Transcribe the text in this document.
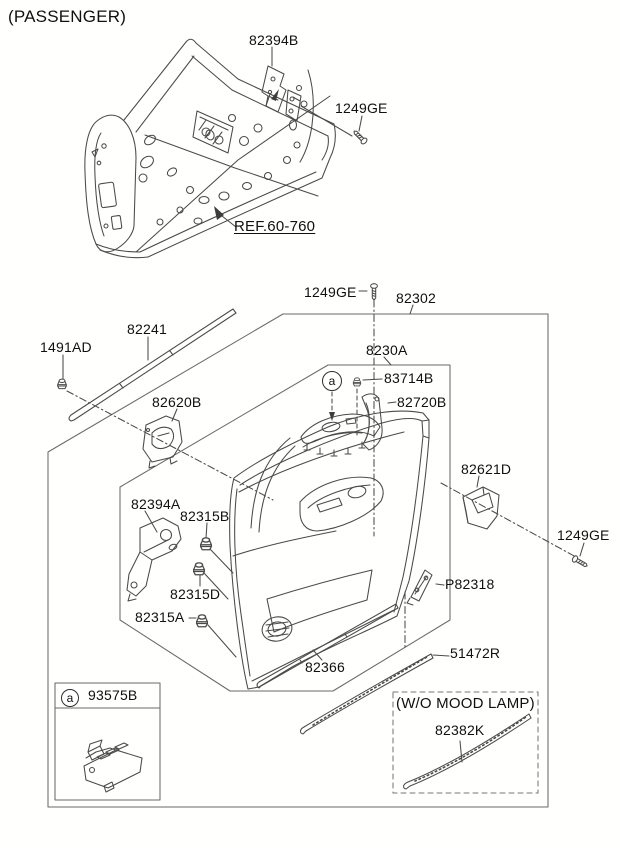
(PASSENGER)
82394B
1249GE
REF.60-760
1249GE	82302
82241
1491AD	8230A
83714B
82720B
82620B
82621D
1249GE
P82318
82394A
82315B
82315D
82315A
82366
51472R
93575B	(W/O MOOD LAMP)
82382K
a
a
